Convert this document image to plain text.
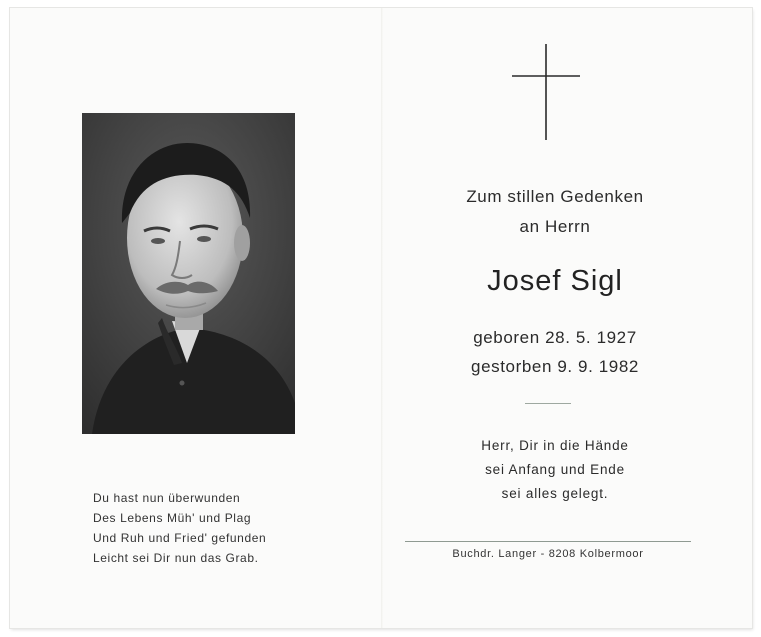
Du hast nun überwunden
Des Lebens Müh' und Plag
Und Ruh und Fried' gefunden
Leicht sei Dir nun das Grab.
Zum stillen Gedenken
an Herrn
Josef Sigl
geboren 28. 5. 1927
gestorben 9. 9. 1982
Herr, Dir in die Hände
sei Anfang und Ende
sei alles gelegt.
Buchdr. Langer - 8208 Kolbermoor
